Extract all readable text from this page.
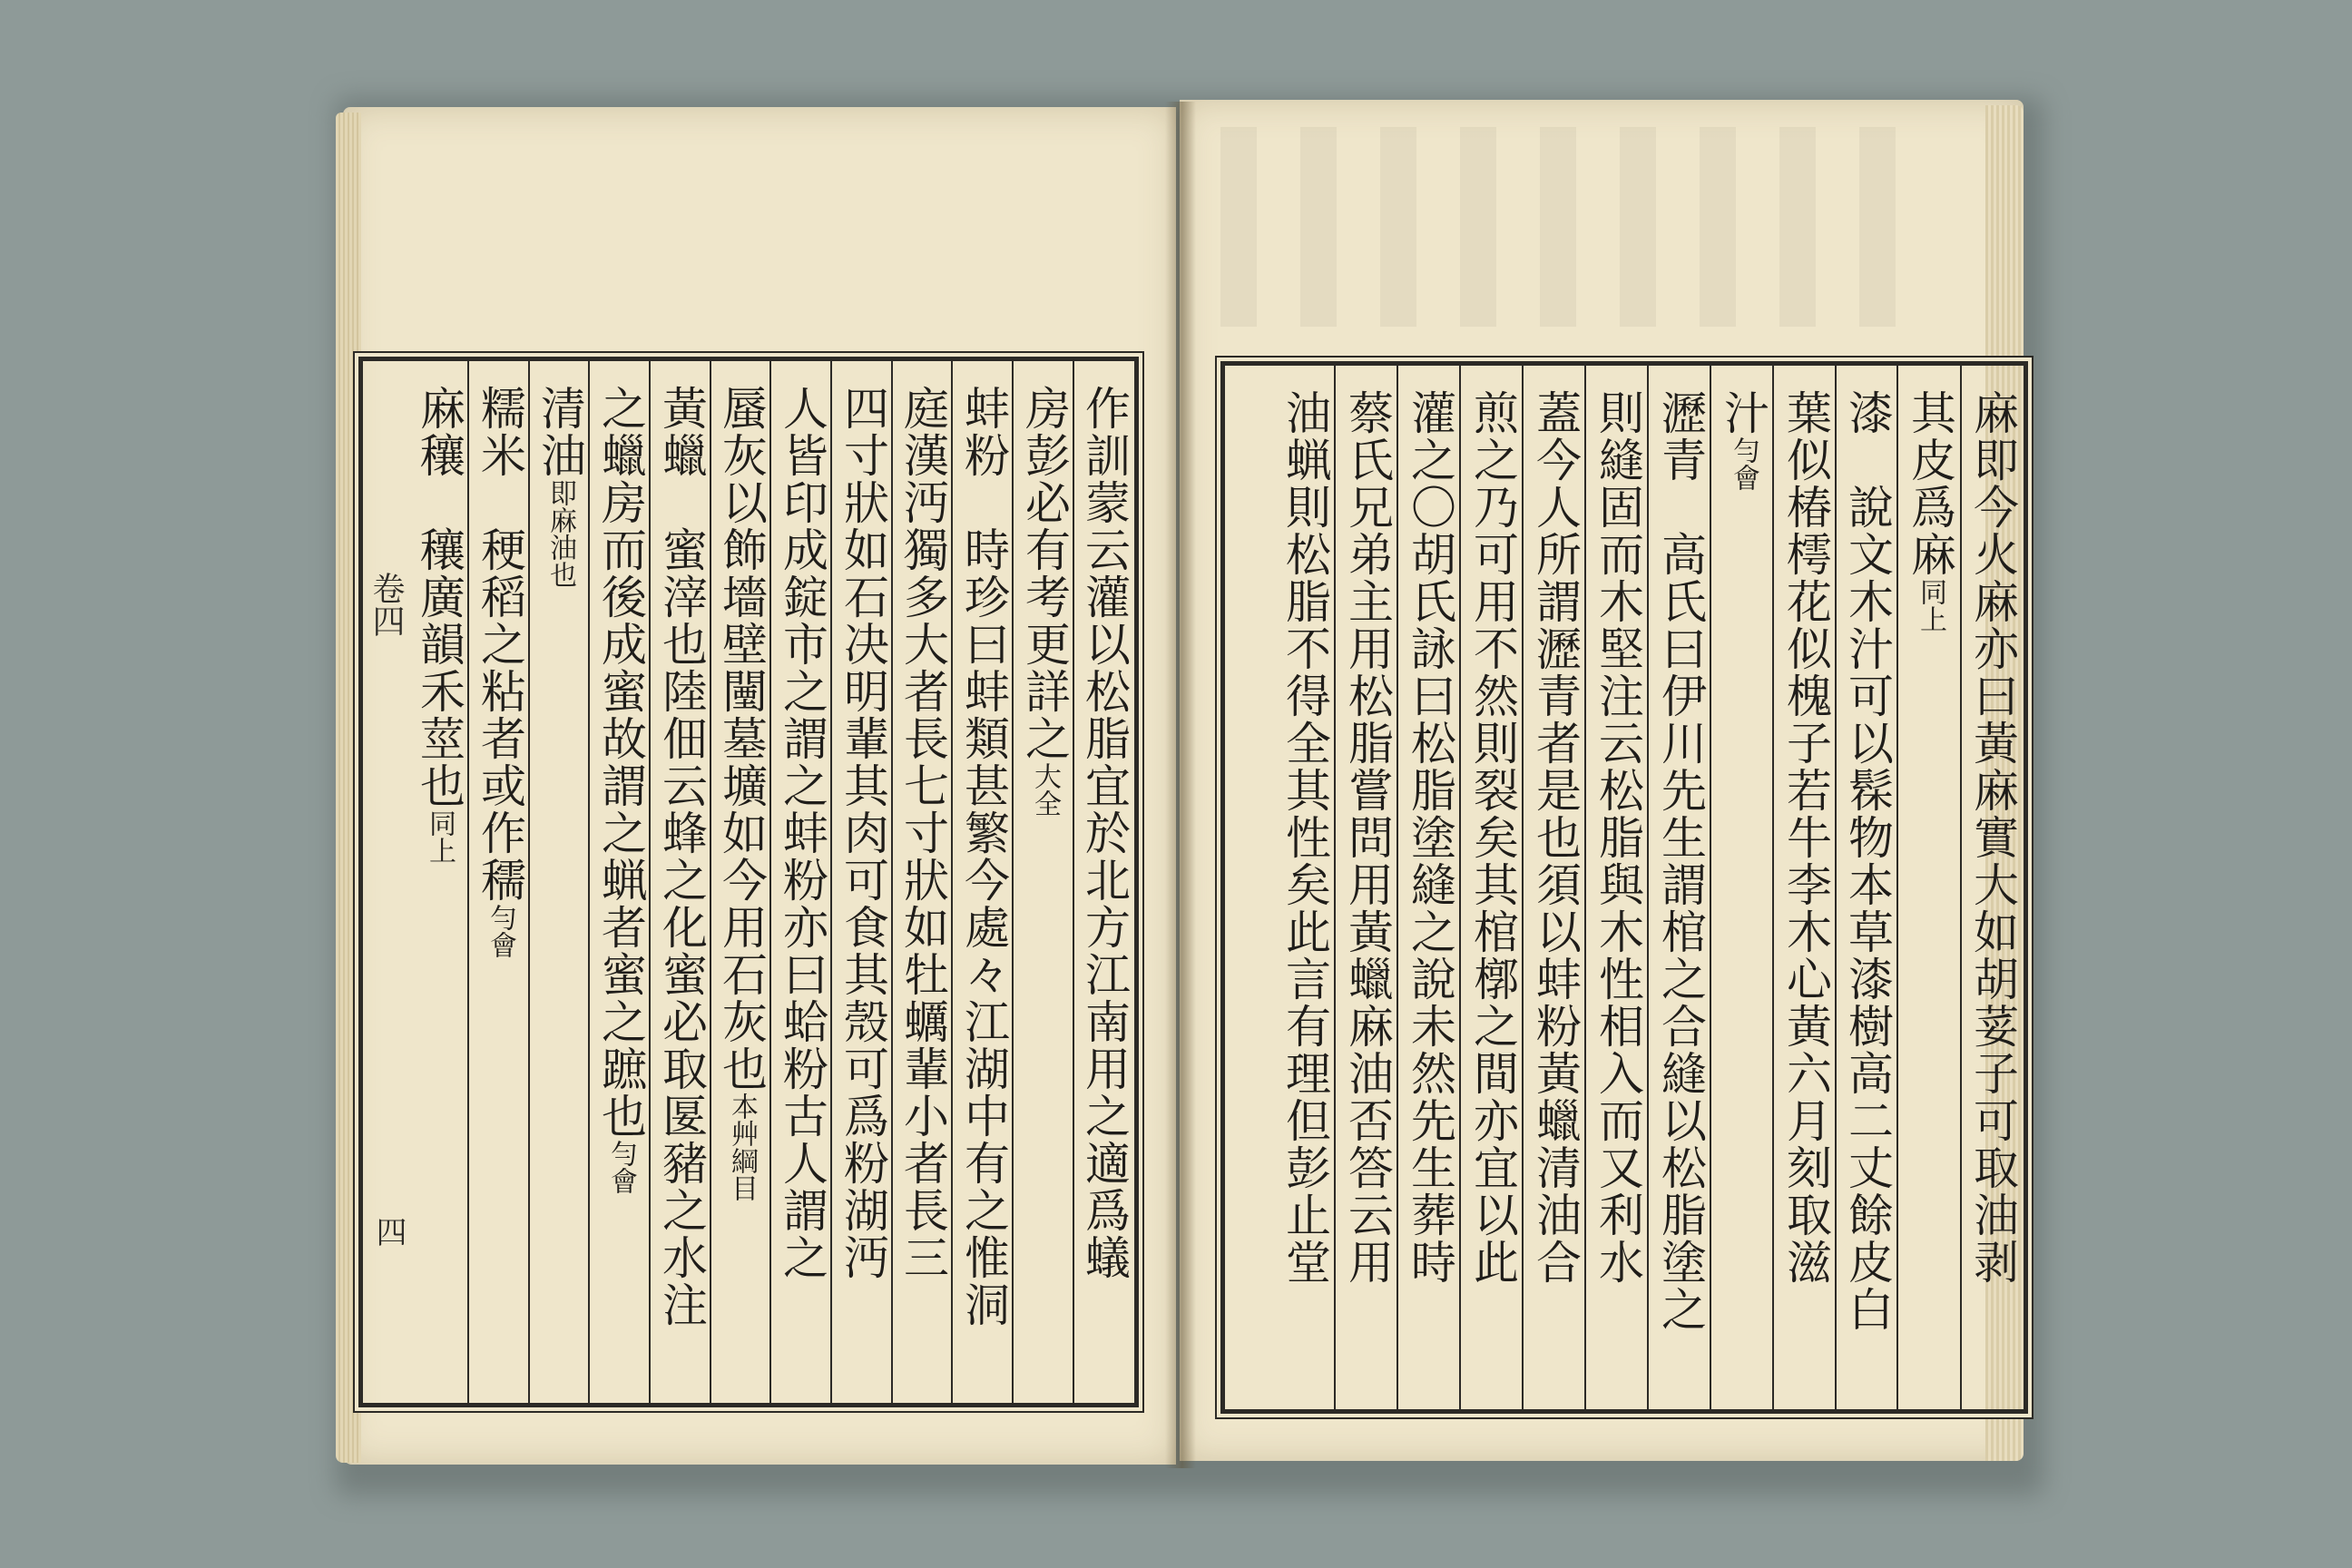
卷四
四	作訓蒙云灌以松脂宜於北方江南用之適爲蟻
房彭必有考更詳之大全
蚌粉　時珍曰蚌類甚繁今處々江湖中有之惟洞
庭漢沔獨多大者長七寸狀如牡蠣輩小者長三
四寸狀如石决明輩其肉可食其殼可爲粉湖沔
人皆印成錠市之謂之蚌粉亦曰蛤粉古人謂之
蜃灰以飾墻壁闉墓壙如今用石灰也本艸綱目
黃蠟　蜜滓也陸佃云蜂之化蜜必取匽豬之水注
之蠟房而後成蜜故謂之蝋者蜜之蹠也勻會
清油即麻油也
糯米　稉稻之粘者或作穤勻會
麻穰　穰廣韻禾莖也同上	麻即今火麻亦曰黃麻實大如胡荽子可取油剥
其皮爲麻同上
漆　說文木汁可以髹物本草漆樹高二丈餘皮白
葉似椿樗花似槐子若牛李木心黃六月刻取滋
汁勻會
瀝青　高氏曰伊川先生謂棺之合縫以松脂塗之
則縫固而木堅注云松脂與木性相入而又利水
蓋今人所謂瀝青者是也須以蚌粉黃蠟清油合
煎之乃可用不然則裂矣其棺槨之間亦宜以此
灌之〇胡氏詠曰松脂塗縫之說未然先生葬時
蔡氏兄弟主用松脂嘗問用黃蠟麻油否答云用
油蝋則松脂不得全其性矣此言有理但彭止堂
